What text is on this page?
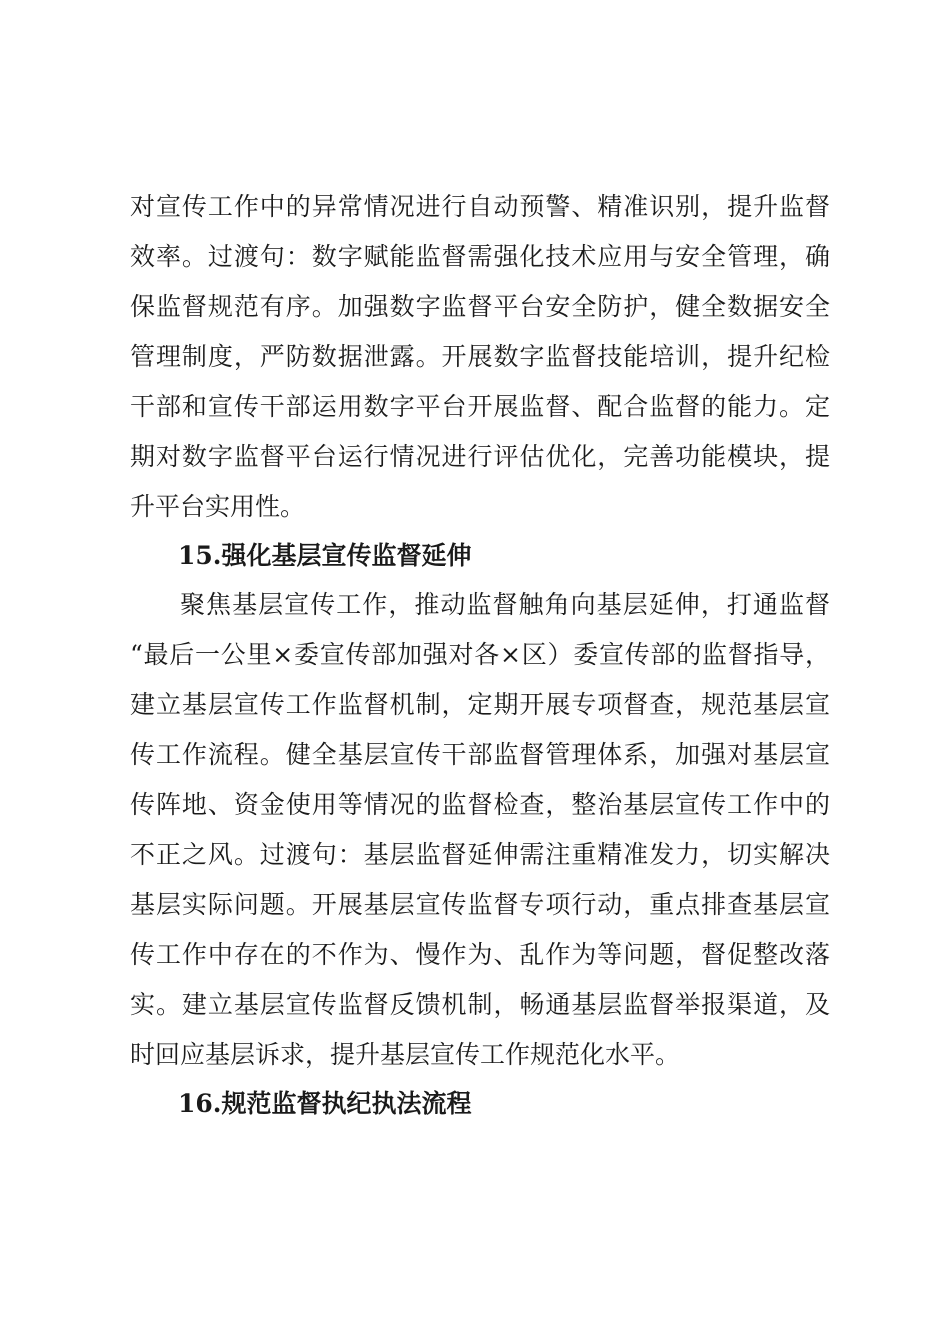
对宣传工作中的异常情况进行自动预警、精准识别，提升监督
效率。过渡句：数字赋能监督需强化技术应用与安全管理，确
保监督规范有序。加强数字监督平台安全防护，健全数据安全
管理制度，严防数据泄露。开展数字监督技能培训，提升纪检
干部和宣传干部运用数字平台开展监督、配合监督的能力。定
期对数字监督平台运行情况进行评估优化，完善功能模块，提
升平台实用性。
15.强化基层宣传监督延伸
聚焦基层宣传工作，推动监督触角向基层延伸，打通监督
“最后一公里×委宣传部加强对各×区）委宣传部的监督指导，
建立基层宣传工作监督机制，定期开展专项督查，规范基层宣
传工作流程。健全基层宣传干部监督管理体系，加强对基层宣
传阵地、资金使用等情况的监督检查，整治基层宣传工作中的
不正之风。过渡句：基层监督延伸需注重精准发力，切实解决
基层实际问题。开展基层宣传监督专项行动，重点排查基层宣
传工作中存在的不作为、慢作为、乱作为等问题，督促整改落
实。建立基层宣传监督反馈机制，畅通基层监督举报渠道，及
时回应基层诉求，提升基层宣传工作规范化水平。
16.规范监督执纪执法流程
